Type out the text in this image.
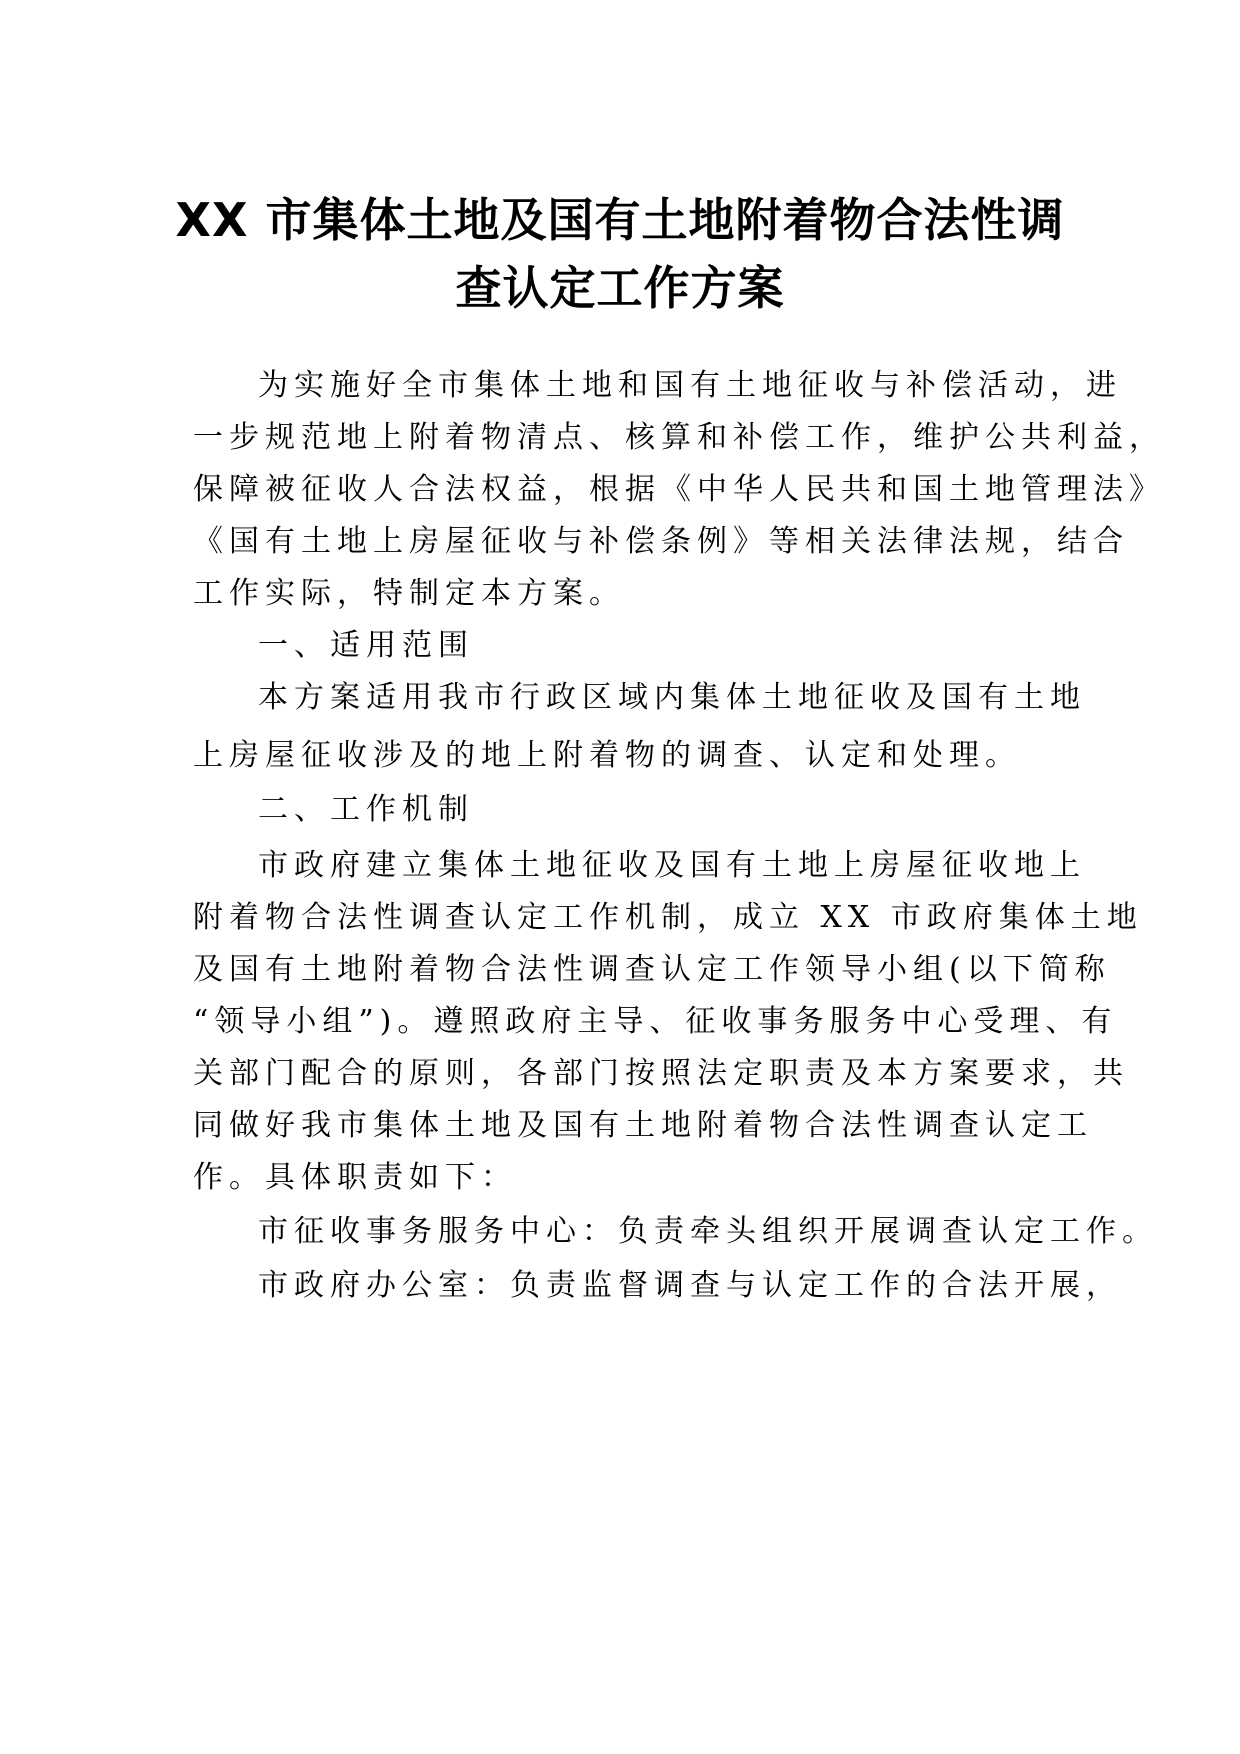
XX 市集体土地及国有土地附着物合法性调
查认定工作方案
为实施好全市集体土地和国有土地征收与补偿活动，进
一步规范地上附着物清点、核算和补偿工作，维护公共利益，
保障被征收人合法权益，根据《中华人民共和国土地管理法》
《国有土地上房屋征收与补偿条例》等相关法律法规，结合
工作实际，特制定本方案。
一、适用范围
本方案适用我市行政区域内集体土地征收及国有土地
上房屋征收涉及的地上附着物的调查、认定和处理。
二、工作机制
市政府建立集体土地征收及国有土地上房屋征收地上
附着物合法性调查认定工作机制，成立 XX 市政府集体土地
及国有土地附着物合法性调查认定工作领导小组(以下简称
“领导小组”)。遵照政府主导、征收事务服务中心受理、有
关部门配合的原则，各部门按照法定职责及本方案要求，共
同做好我市集体土地及国有土地附着物合法性调查认定工
作。具体职责如下：
市征收事务服务中心：负责牵头组织开展调查认定工作。
市政府办公室：负责监督调查与认定工作的合法开展，
